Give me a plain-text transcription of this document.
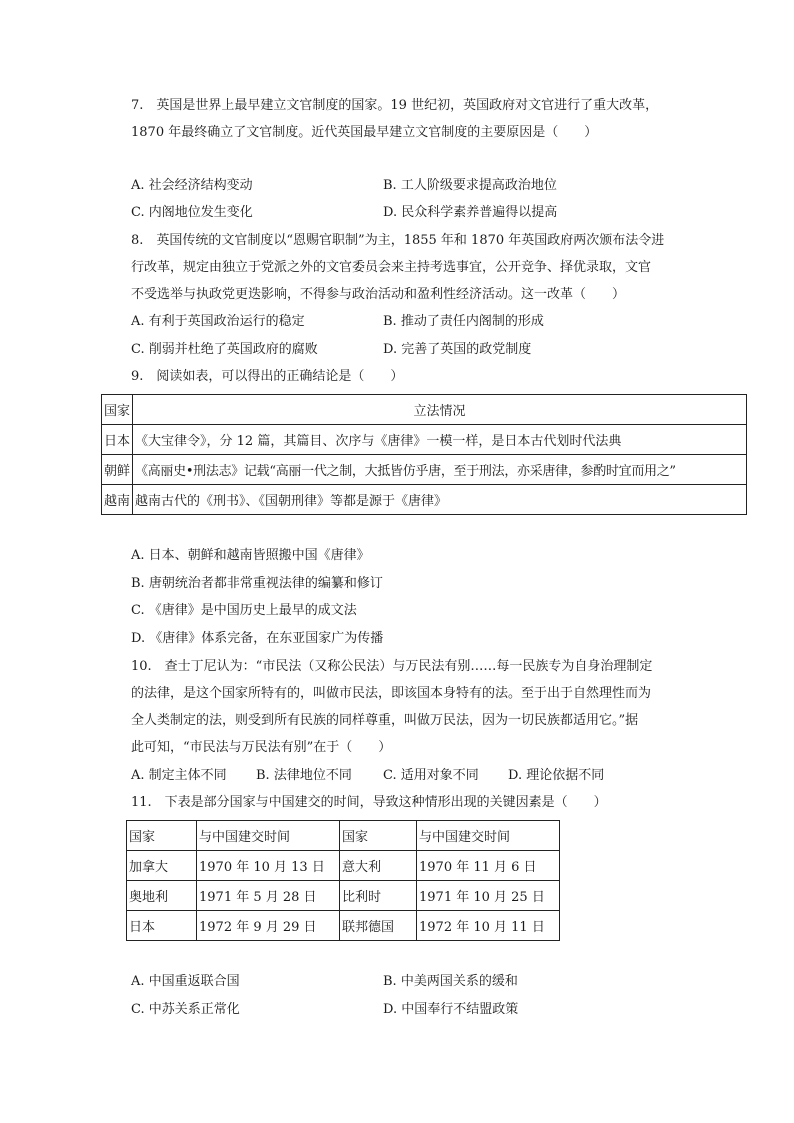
7.　英国是世界上最早建立文官制度的国家。19 世纪初，英国政府对文官进行了重大改革，
1870 年最终确立了文官制度。近代英国最早建立文官制度的主要原因是（　　）
A. 社会经济结构变动	B. 工人阶级要求提高政治地位
C. 内阁地位发生变化	D. 民众科学素养普遍得以提高
8.　英国传统的文官制度以“恩赐官职制”为主，1855 年和 1870 年英国政府两次颁布法令进
行改革，规定由独立于党派之外的文官委员会来主持考选事宜，公开竞争、择优录取，文官
不受选举与执政党更迭影响，不得参与政治活动和盈利性经济活动。这一改革（　　）
A. 有利于英国政治运行的稳定	B. 推动了责任内阁制的形成
C. 削弱并杜绝了英国政府的腐败	D. 完善了英国的政党制度
9.　阅读如表，可以得出的正确结论是（　　）
国家	立法情况
日本	《大宝律令》，分 12 篇，其篇目、次序与《唐律》一模一样，是日本古代划时代法典
朝鲜	《高丽史•刑法志》记载“高丽一代之制，大抵皆仿乎唐，至于刑法，亦采唐律，参酌时宜而用之”
越南	越南古代的《刑书》、《国朝刑律》等都是源于《唐律》
A. 日本、朝鲜和越南皆照搬中国《唐律》
B. 唐朝统治者都非常重视法律的编纂和修订
C. 《唐律》是中国历史上最早的成文法
D. 《唐律》体系完备，在东亚国家广为传播
10.　查士丁尼认为：“市民法（又称公民法）与万民法有别……每一民族专为自身治理制定
的法律，是这个国家所特有的，叫做市民法，即该国本身特有的法。至于出于自然理性而为
全人类制定的法，则受到所有民族的同样尊重，叫做万民法，因为一切民族都适用它。”据
此可知，“市民法与万民法有别”在于（　　）
A. 制定主体不同 B. 法律地位不同 C. 适用对象不同 D. 理论依据不同
11.　下表是部分国家与中国建交的时间，导致这种情形出现的关键因素是（　　）
国家	与中国建交时间	国家	与中国建交时间
加拿大	1970 年 10 月 13 日	意大利	1970 年 11 月 6 日
奥地利	1971 年 5 月 28 日	比利时	1971 年 10 月 25 日
日本	1972 年 9 月 29 日	联邦德国	1972 年 10 月 11 日
A. 中国重返联合国	B. 中美两国关系的缓和
C. 中苏关系正常化	D. 中国奉行不结盟政策
